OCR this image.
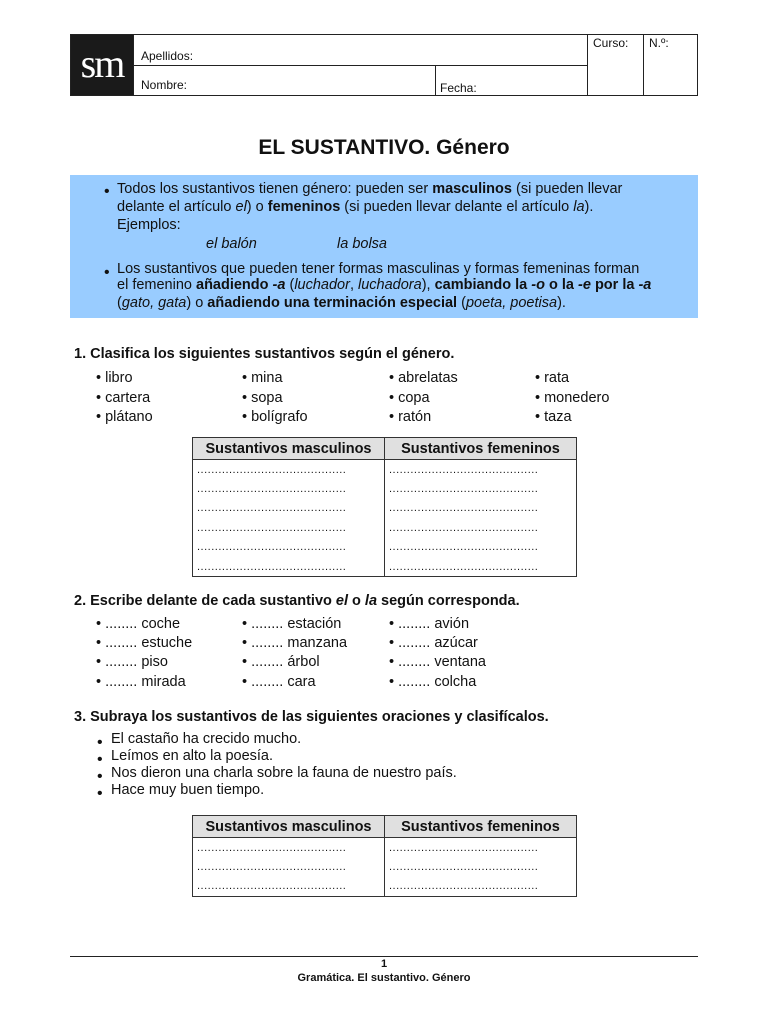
sm	Apellidos:
Nombre:	Fecha:
Curso: N.º:
EL SUSTANTIVO. Género
•
Todos los sustantivos tienen género: pueden ser masculinos (si pueden llevar
delante el artículo el) o femeninos (si pueden llevar delante el artículo la).
Ejemplos:
el balón	la bolsa
•
Los sustantivos que pueden tener formas masculinas y formas femeninas forman
el femenino añadiendo -a (luchador, luchadora), cambiando la -o o la -e por la -a
(gato, gata) o añadiendo una terminación especial (poeta, poetisa).
1. Clasifica los siguientes sustantivos según el género.
• libro	• mina	• abrelatas	• rata
• cartera	• sopa	• copa	• monedero
• plátano	• bolígrafo	• ratón	• taza
Sustantivos masculinos	Sustantivos femeninos
..........................................	..........................................
..........................................	..........................................
..........................................	..........................................
..........................................	..........................................
..........................................	..........................................
..........................................	..........................................
2. Escribe delante de cada sustantivo el o la según corresponda.
• ........ coche	• ........ estación	• ........ avión
• ........ estuche	• ........ manzana	• ........ azúcar
• ........ piso	• ........ árbol	• ........ ventana
• ........ mirada	• ........ cara	• ........ colcha
3. Subraya los sustantivos de las siguientes oraciones y clasifícalos.
•
El castaño ha crecido mucho.
•
Leímos en alto la poesía.
•
Nos dieron una charla sobre la fauna de nuestro país.
•
Hace muy buen tiempo.
Sustantivos masculinos	Sustantivos femeninos
..........................................	..........................................
..........................................	..........................................
..........................................	..........................................
1
Gramática. El sustantivo. Género
